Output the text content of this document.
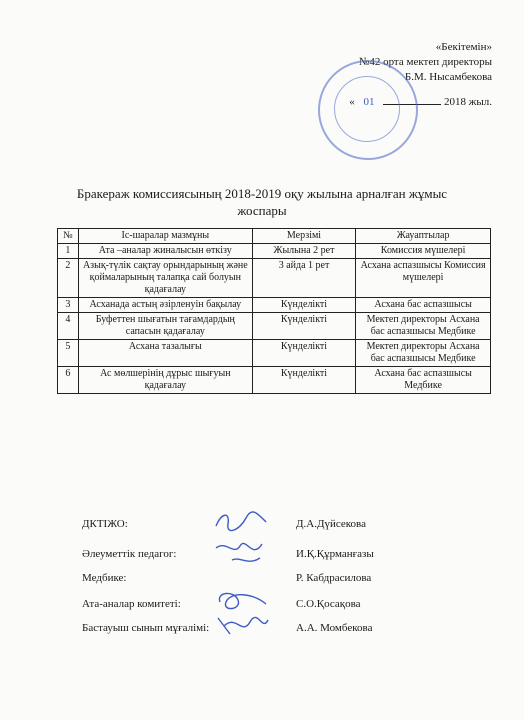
«Бекітемін»
№42 орта мектеп директоры
Б.М. Нысамбекова
« 01	2018 жыл.
Бракераж комиссиясының 2018-2019 оқу жылына арналған жұмыс жоспары
№	Іс-шаралар мазмұны	Мерзімі	Жауаптылар
1	Ата –аналар жиналысын өткізу	Жылына 2 рет	Комиссия мүшелері
2	Азық-түлік сақтау орындарының және қоймаларының талапқа сай болуын қадағалау	3 айда 1 рет	Асхана аспазшысы Комиссия мүшелері
3	Асханада астың әзірленуін бақылау	Күнделікті	Асхана бас аспазшысы
4	Буфеттен шығатын тағамдардың сапасын қадағалау	Күнделікті	Мектеп директоры Асхана бас аспазшысы Медбике
5	Асхана тазалығы	Күнделікті	Мектеп директоры Асхана бас аспазшысы Медбике
6	Ас мөлшерінің дұрыс шығуын қадағалау	Күнделікті	Асхана бас аспазшысы Медбике
ДКТІЖО:	Д.А.Дүйсекова
Әлеуметтік педагог:	И.Қ.Құрманғазы
Медбике:	Р. Кабдрасилова
Ата-аналар комитеті:	С.О.Қосақова
Бастауыш сынып мұғалімі:	А.А. Момбекова
